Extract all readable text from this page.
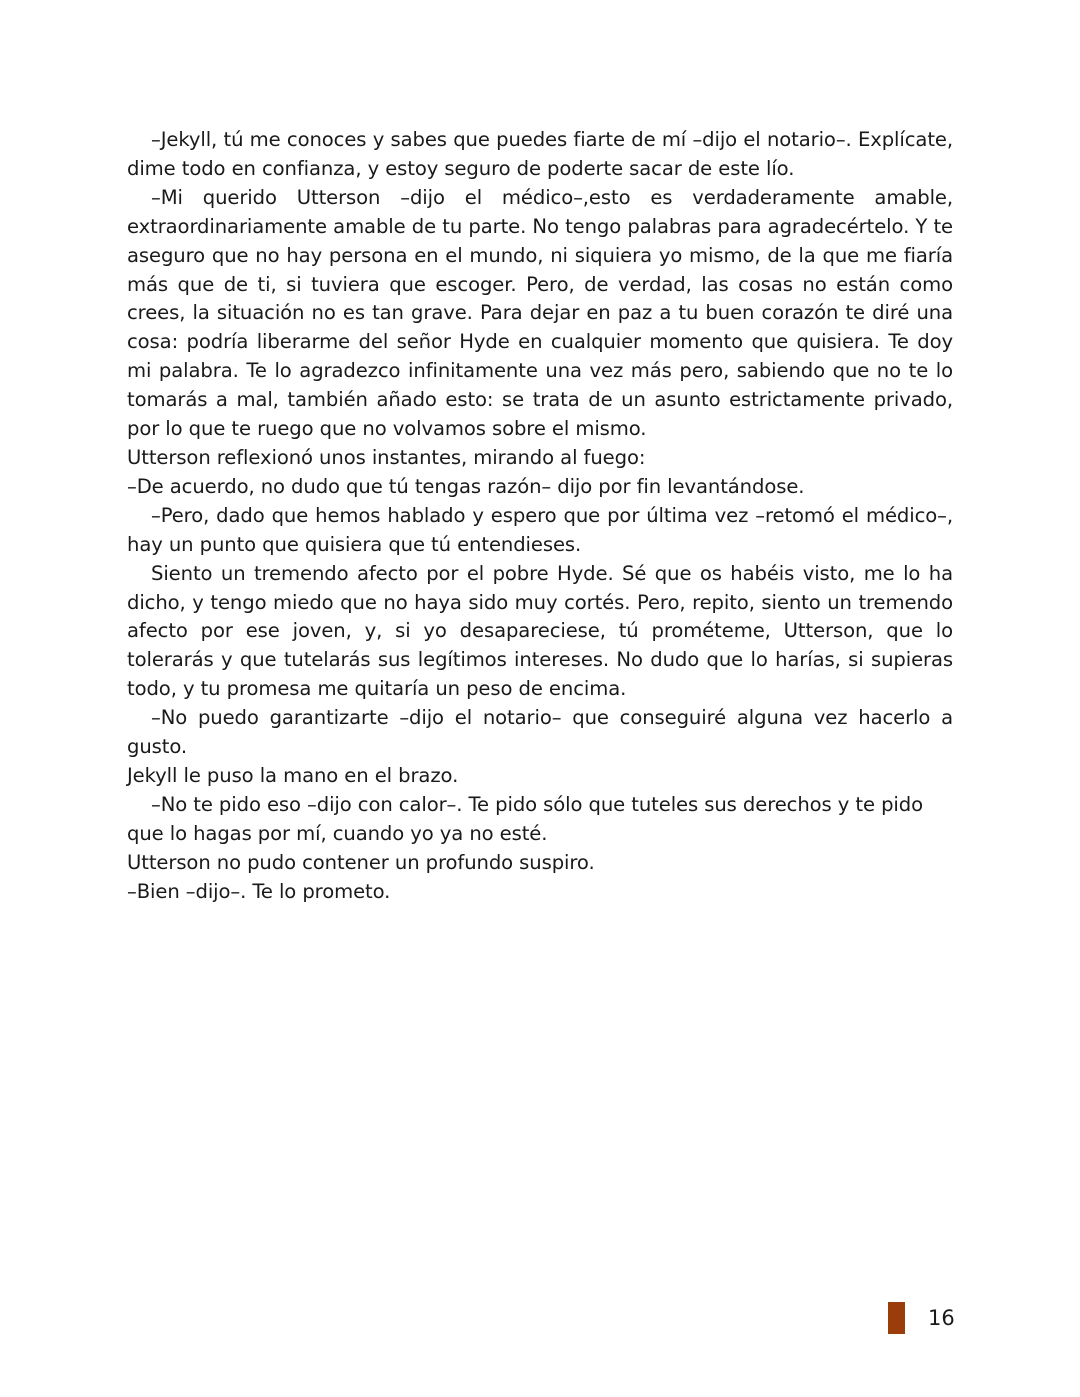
–Jekyll, tú me conoces y sabes que puedes fiarte de mí –dijo el notario–. Explícate, dime todo en confianza, y estoy seguro de poderte sacar de este lío.

–Mi querido Utterson –dijo el médico–,esto es verdaderamente amable, extraordinariamente amable de tu parte. No tengo palabras para agradecértelo. Y te aseguro que no hay persona en el mundo, ni siquiera yo mismo, de la que me fiaría más que de ti, si tuviera que escoger. Pero, de verdad, las cosas no están como crees, la situación no es tan grave. Para dejar en paz a tu buen corazón te diré una cosa: podría liberarme del señor Hyde en cualquier momento que quisiera. Te doy mi palabra. Te lo agradezco infinitamente una vez más pero, sabiendo que no te lo tomarás a mal, también añado esto: se trata de un asunto estrictamente privado, por lo que te ruego que no volvamos sobre el mismo.

Utterson reflexionó unos instantes, mirando al fuego:

–De acuerdo, no dudo que tú tengas razón– dijo por fin levantándose.

–Pero, dado que hemos hablado y espero que por última vez –retomó el médico–, hay un punto que quisiera que tú entendieses.

Siento un tremendo afecto por el pobre Hyde. Sé que os habéis visto, me lo ha dicho, y tengo miedo que no haya sido muy cortés. Pero, repito, siento un tremendo afecto por ese joven, y, si yo desapareciese, tú prométeme, Utterson, que lo tolerarás y que tutelarás sus legítimos intereses. No dudo que lo harías, si supieras todo, y tu promesa me quitaría un peso de encima.

–No puedo garantizarte –dijo el notario– que conseguiré alguna vez hacerlo a gusto.

Jekyll le puso la mano en el brazo.

–No te pido eso –dijo con calor–. Te pido sólo que tuteles sus derechos y te pido que lo hagas por mí, cuando yo ya no esté.

Utterson no pudo contener un profundo suspiro.

–Bien –dijo–. Te lo prometo.

16
